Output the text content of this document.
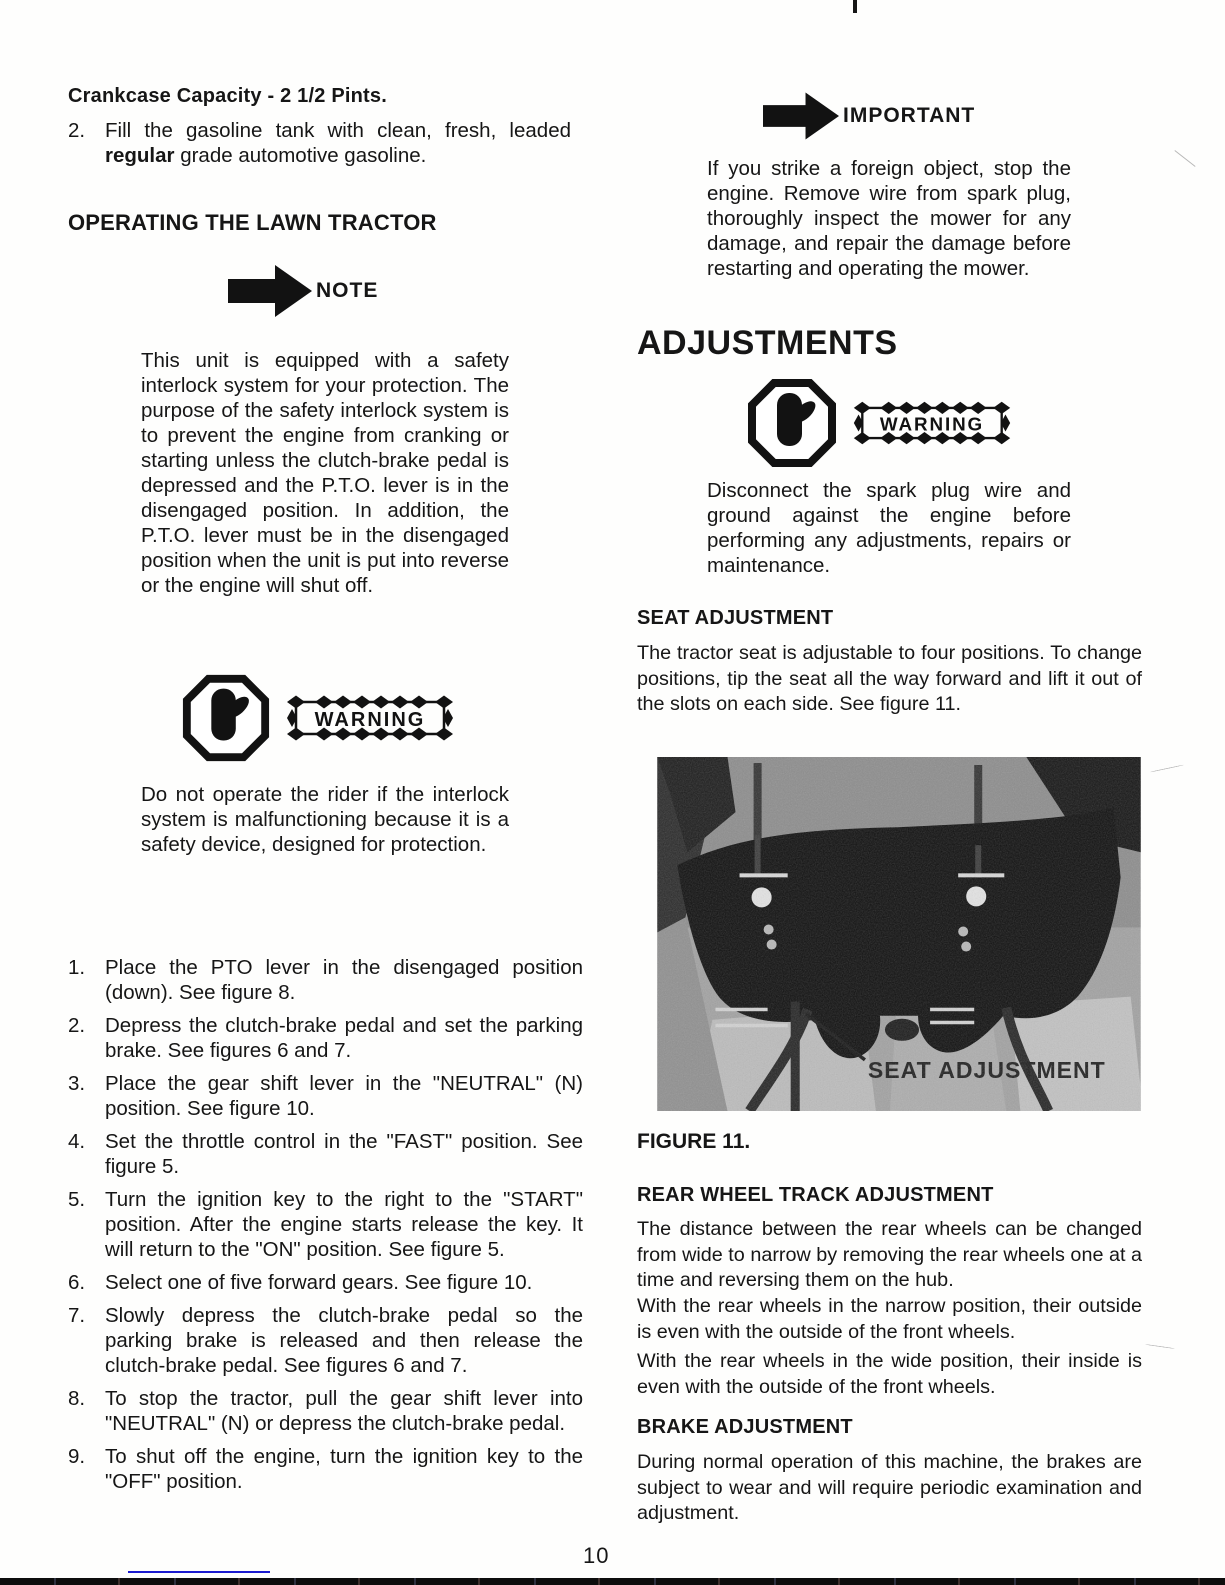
Crankcase Capacity - 2 1/2 Pints.
2. Fill the gasoline tank with clean, fresh, leaded regular grade automotive gasoline.

OPERATING THE LAWN TRACTOR
NOTE

This unit is equipped with a safety interlock system for your protection. The purpose of the safety interlock system is to prevent the engine from cranking or starting unless the clutch-brake pedal is depressed and the P.T.O. lever is in the disengaged position. In addition, the P.T.O. lever must be in the disengaged position when the unit is put into reverse or the engine will shut off.

WARNING

Do not operate the rider if the interlock system is malfunctioning because it is a safety device, designed for protection.

1. Place the PTO lever in the disengaged position (down). See figure 8.

2. Depress the clutch-brake pedal and set the parking brake. See figures 6 and 7.

3. Place the gear shift lever in the "NEUTRAL" (N) position. See figure 10.

4. Set the throttle control in the "FAST" position. See figure 5.

5. Turn the ignition key to the right to the "START" position. After the engine starts release the key. It will return to the "ON" position. See figure 5.

6. Select one of five forward gears. See figure 10.

7. Slowly depress the clutch-brake pedal so the parking brake is released and then release the clutch-brake pedal. See figures 6 and 7.

8. To stop the tractor, pull the gear shift lever into "NEUTRAL" (N) or depress the clutch-brake pedal.

9. To shut off the engine, turn the ignition key to the "OFF" position.

IMPORTANT

If you strike a foreign object, stop the engine. Remove wire from spark plug, thoroughly inspect the mower for any damage, and repair the damage before restarting and operating the mower.

ADJUSTMENTS
WARNING

Disconnect the spark plug wire and ground against the engine before performing any adjustments, repairs or maintenance.

SEAT ADJUSTMENT

The tractor seat is adjustable to four positions. To change positions, tip the seat all the way forward and lift it out of the slots on each side. See figure 11.

FIGURE 11.
REAR WHEEL TRACK ADJUSTMENT

The distance between the rear wheels can be changed from wide to narrow by removing the rear wheels one at a time and reversing them on the hub.

With the rear wheels in the narrow position, their outside is even with the outside of the front wheels.

With the rear wheels in the wide position, their inside is even with the outside of the front wheels.

BRAKE ADJUSTMENT

During normal operation of this machine, the brakes are subject to wear and will require periodic examination and adjustment.

10
